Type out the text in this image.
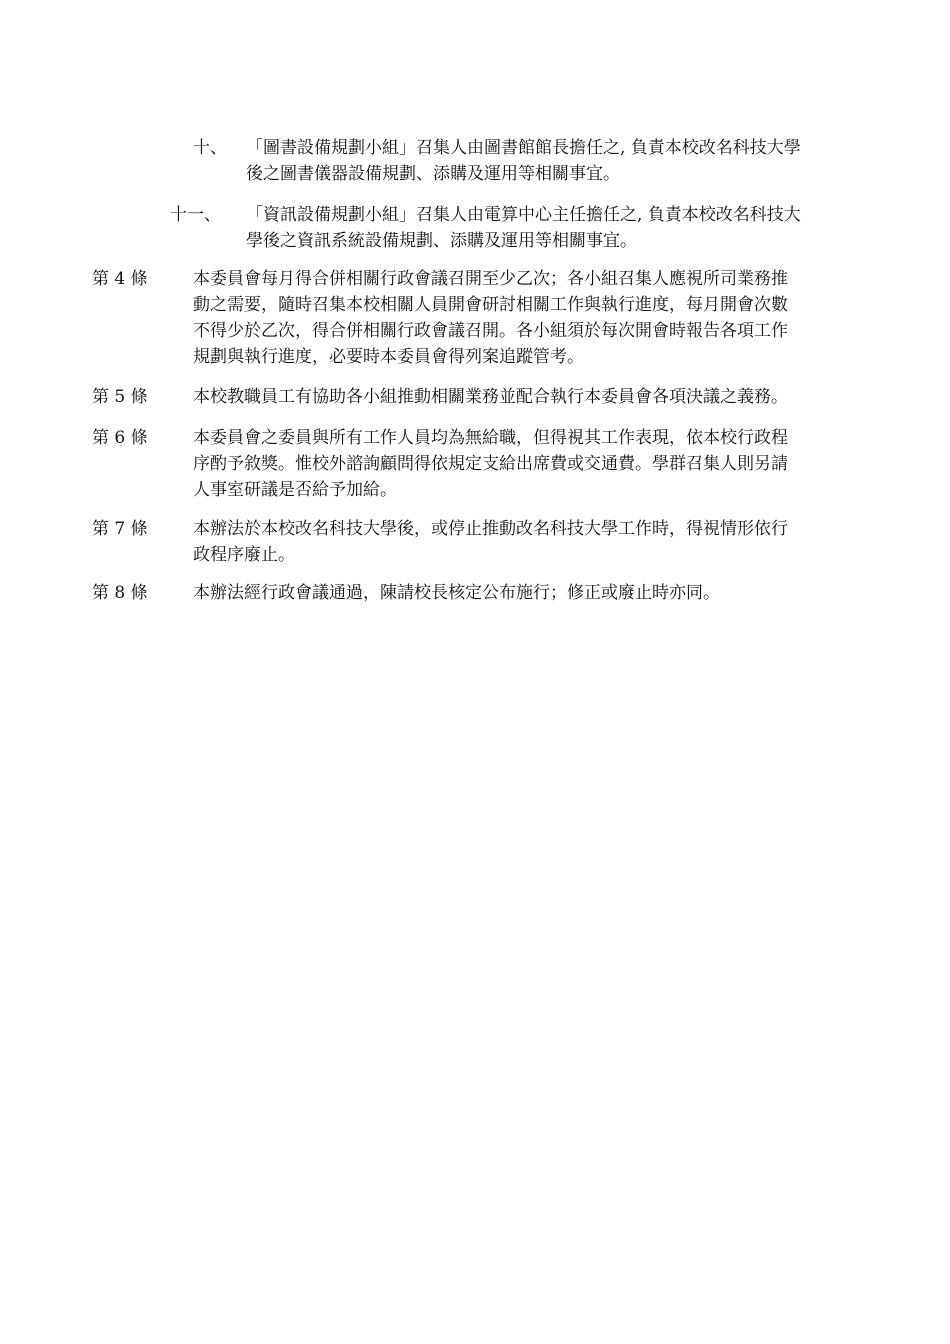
十、 「圖書設備規劃小組」召集人由圖書館館長擔任之, 負責本校改名科技大學
後之圖書儀器設備規劃、添購及運用等相關事宜。
十一、 「資訊設備規劃小組」召集人由電算中心主任擔任之, 負責本校改名科技大
學後之資訊系統設備規劃、添購及運用等相關事宜。
第 4 條	本委員會每月得合併相關行政會議召開至少乙次；各小組召集人應視所司業務推
動之需要，隨時召集本校相關人員開會研討相關工作與執行進度，每月開會次數
不得少於乙次，得合併相關行政會議召開。各小組須於每次開會時報告各項工作
規劃與執行進度，必要時本委員會得列案追蹤管考。
第 5 條	本校教職員工有協助各小組推動相關業務並配合執行本委員會各項決議之義務。
第 6 條	本委員會之委員與所有工作人員均為無給職，但得視其工作表現，依本校行政程
序酌予敘獎。惟校外諮詢顧問得依規定支給出席費或交通費。學群召集人則另請
人事室研議是否給予加給。
第 7 條	本辦法於本校改名科技大學後，或停止推動改名科技大學工作時，得視情形依行
政程序廢止。
第 8 條	本辦法經行政會議通過，陳請校長核定公布施行；修正或廢止時亦同。
